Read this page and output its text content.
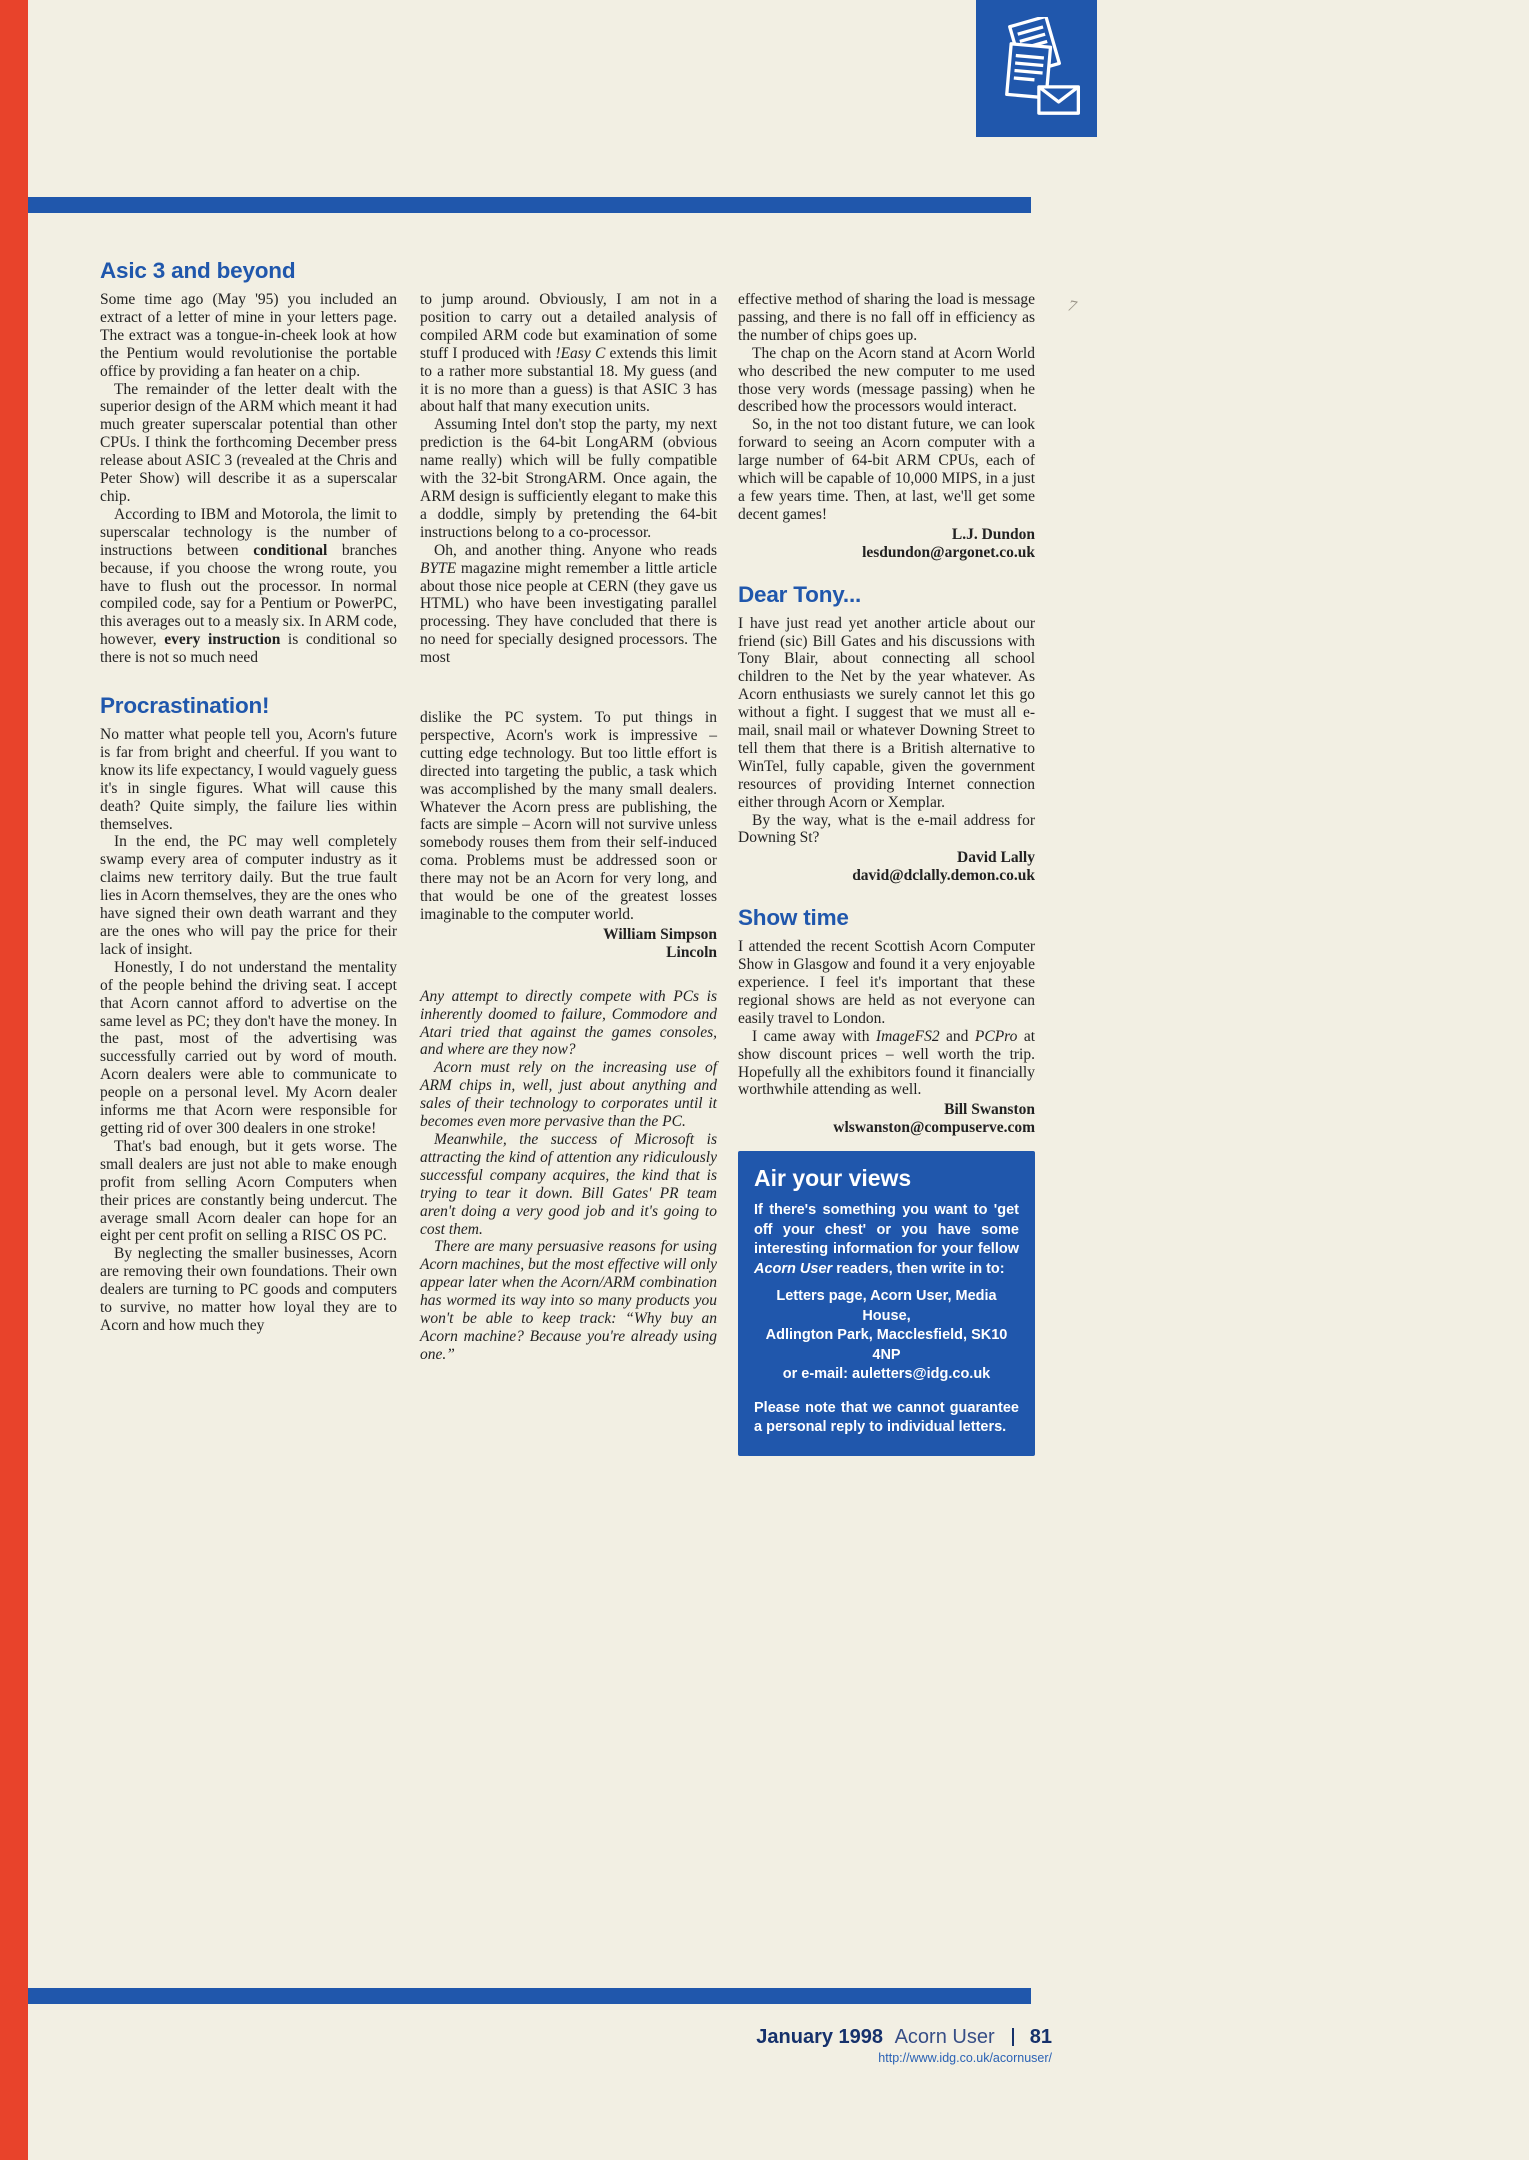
7
Asic 3 and beyond

Some time ago (May '95) you included an extract of a letter of mine in your letters page. The extract was a tongue-in-cheek look at how the Pentium would revolutionise the portable office by providing a fan heater on a chip.

The remainder of the letter dealt with the superior design of the ARM which meant it had much greater superscalar potential than other CPUs. I think the forthcoming December press release about ASIC 3 (revealed at the Chris and Peter Show) will describe it as a superscalar chip.

According to IBM and Motorola, the limit to superscalar technology is the number of instructions between conditional branches because, if you choose the wrong route, you have to flush out the processor. In normal compiled code, say for a Pentium or PowerPC, this averages out to a measly six. In ARM code, however, every instruction is conditional so there is not so much need

Procrastination!

No matter what people tell you, Acorn's future is far from bright and cheerful. If you want to know its life expectancy, I would vaguely guess it's in single figures. What will cause this death? Quite simply, the failure lies within themselves.

In the end, the PC may well completely swamp every area of computer industry as it claims new territory daily. But the true fault lies in Acorn themselves, they are the ones who have signed their own death warrant and they are the ones who will pay the price for their lack of insight.

Honestly, I do not understand the mentality of the people behind the driving seat. I accept that Acorn cannot afford to advertise on the same level as PC; they don't have the money. In the past, most of the advertising was successfully carried out by word of mouth. Acorn dealers were able to communicate to people on a personal level. My Acorn dealer informs me that Acorn were responsible for getting rid of over 300 dealers in one stroke!

That's bad enough, but it gets worse. The small dealers are just not able to make enough profit from selling Acorn Computers when their prices are constantly being undercut. The average small Acorn dealer can hope for an eight per cent profit on selling a RISC OS PC.

By neglecting the smaller businesses, Acorn are removing their own foundations. Their own dealers are turning to PC goods and computers to survive, no matter how loyal they are to Acorn and how much they

to jump around. Obviously, I am not in a position to carry out a detailed analysis of compiled ARM code but examination of some stuff I produced with !Easy C extends this limit to a rather more substantial 18. My guess (and it is no more than a guess) is that ASIC 3 has about half that many execution units.

Assuming Intel don't stop the party, my next prediction is the 64-bit LongARM (obvious name really) which will be fully compatible with the 32-bit StrongARM. Once again, the ARM design is sufficiently elegant to make this a doddle, simply by pretending the 64-bit instructions belong to a co-processor.

Oh, and another thing. Anyone who reads BYTE magazine might remember a little article about those nice people at CERN (they gave us HTML) who have been investigating parallel processing. They have concluded that there is no need for specially designed processors. The most

dislike the PC system. To put things in perspective, Acorn's work is impressive – cutting edge technology. But too little effort is directed into targeting the public, a task which was accomplished by the many small dealers. Whatever the Acorn press are publishing, the facts are simple – Acorn will not survive unless somebody rouses them from their self-induced coma. Problems must be addressed soon or there may not be an Acorn for very long, and that would be one of the greatest losses imaginable to the computer world.

William Simpson
Lincoln

Any attempt to directly compete with PCs is inherently doomed to failure, Commodore and Atari tried that against the games consoles, and where are they now?

Acorn must rely on the increasing use of ARM chips in, well, just about anything and sales of their technology to corporates until it becomes even more pervasive than the PC.

Meanwhile, the success of Microsoft is attracting the kind of attention any ridiculously successful company acquires, the kind that is trying to tear it down. Bill Gates' PR team aren't doing a very good job and it's going to cost them.

There are many persuasive reasons for using Acorn machines, but the most effective will only appear later when the Acorn/ARM combination has wormed its way into so many products you won't be able to keep track: “Why buy an Acorn machine? Because you're already using one.”

effective method of sharing the load is message passing, and there is no fall off in efficiency as the number of chips goes up.

The chap on the Acorn stand at Acorn World who described the new computer to me used those very words (message passing) when he described how the processors would interact.

So, in the not too distant future, we can look forward to seeing an Acorn computer with a large number of 64-bit ARM CPUs, each of which will be capable of 10,000 MIPS, in a just a few years time. Then, at last, we'll get some decent games!

L.J. Dundon
lesdundon@argonet.co.uk
Dear Tony...

I have just read yet another article about our friend (sic) Bill Gates and his discussions with Tony Blair, about connecting all school children to the Net by the year whatever. As Acorn enthusiasts we surely cannot let this go without a fight. I suggest that we must all e-mail, snail mail or whatever Downing Street to tell them that there is a British alternative to WinTel, fully capable, given the government resources of providing Internet connection either through Acorn or Xemplar.

By the way, what is the e-mail address for Downing St?

David Lally
david@dclally.demon.co.uk
Show time

I attended the recent Scottish Acorn Computer Show in Glasgow and found it a very enjoyable experience. I feel it's important that these regional shows are held as not everyone can easily travel to London.

I came away with ImageFS2 and PCPro at show discount prices – well worth the trip. Hopefully all the exhibitors found it financially worthwhile attending as well.

Bill Swanston
wlswanston@compuserve.com
Air your views

If there's something you want to 'get off your chest' or you have some interesting information for your fellow Acorn User readers, then write in to:

Letters page, Acorn User, Media House,
Adlington Park, Macclesfield, SK10 4NP
or e-mail: auletters@idg.co.uk

Please note that we cannot guarantee a personal reply to individual letters.

January 1998 Acorn User 81
http://www.idg.co.uk/acornuser/
